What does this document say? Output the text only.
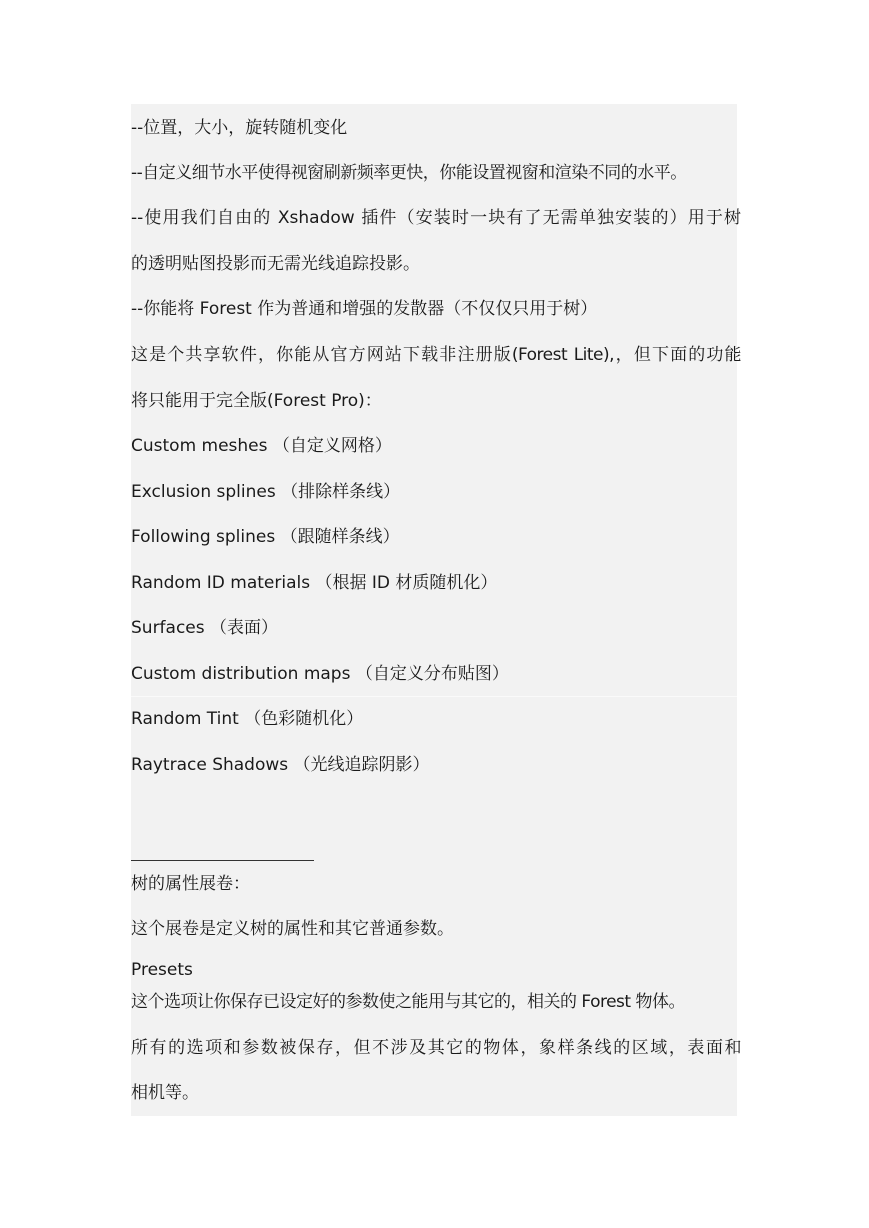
--位置，大小，旋转随机变化
--自定义细节水平使得视窗刷新频率更快，你能设置视窗和渲染不同的水平。
--使用我们自由的 Xshadow 插件（安装时一块有了无需单独安装的）用于树
的透明贴图投影而无需光线追踪投影。
--你能将 Forest 作为普通和增强的发散器（不仅仅只用于树）
这是个共享软件，你能从官方网站下载非注册版(Forest Lite),，但下面的功能
将只能用于完全版(Forest Pro)：
Custom meshes （自定义网格）
Exclusion splines （排除样条线）
Following splines （跟随样条线）
Random ID materials （根据 ID 材质随机化）
Surfaces （表面）
Custom distribution maps （自定义分布贴图）
Random Tint （色彩随机化）
Raytrace Shadows （光线追踪阴影）
树的属性展卷：
这个展卷是定义树的属性和其它普通参数。
Presets
这个选项让你保存已设定好的参数使之能用与其它的，相关的 Forest 物体。
所有的选项和参数被保存，但不涉及其它的物体，象样条线的区域，表面和
相机等。
